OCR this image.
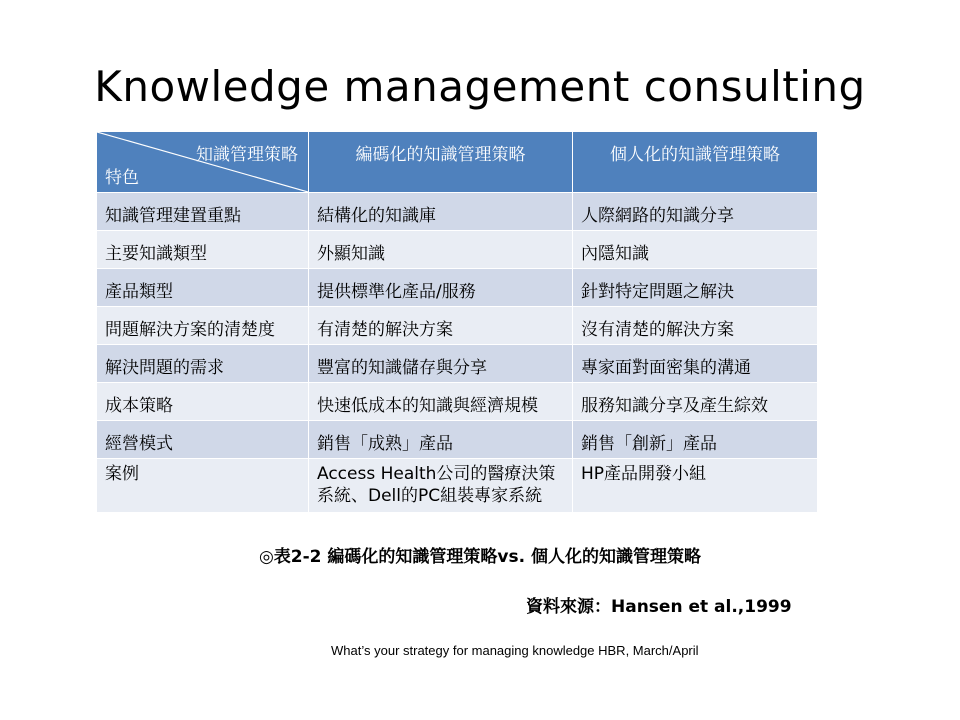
Knowledge management consulting
知識管理策略
特色	編碼化的知識管理策略	個人化的知識管理策略
知識管理建置重點	結構化的知識庫	人際網路的知識分享
主要知識類型	外顯知識	內隱知識
產品類型	提供標準化產品/服務	針對特定問題之解決
問題解決方案的清楚度	有清楚的解決方案	沒有清楚的解決方案
解決問題的需求	豐富的知識儲存與分享	專家面對面密集的溝通
成本策略	快速低成本的知識與經濟規模	服務知識分享及產生綜效
經營模式	銷售「成熟」產品	銷售「創新」產品
案例	Access Health公司的醫療決策系統、Dell的PC組裝專家系統	HP產品開發小組
◎表2-2 編碼化的知識管理策略vs. 個人化的知識管理策略
資料來源：Hansen et al.,1999
What’s your strategy for managing knowledge HBR, March/April
